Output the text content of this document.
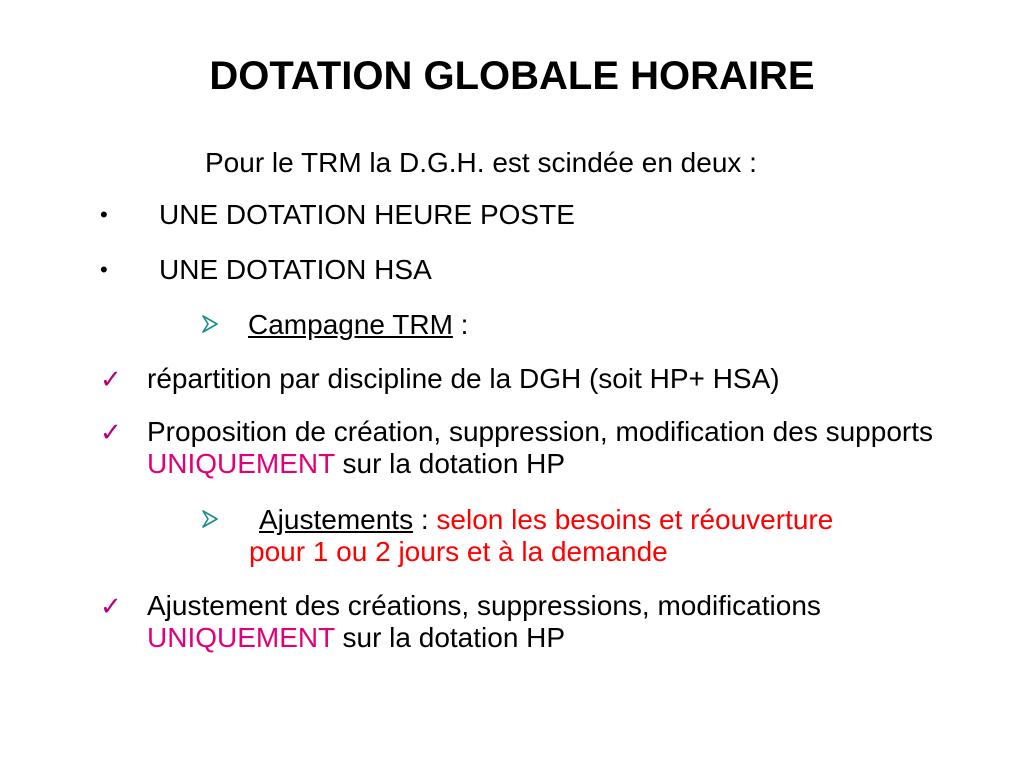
DOTATION GLOBALE HORAIRE
Pour le TRM la D.G.H. est scindée en deux :
• UNE DOTATION HEURE POSTE
• UNE DOTATION HSA
Campagne TRM :
✓ répartition par discipline de la DGH (soit HP+ HSA)
✓ Proposition de création, suppression, modification des supports UNIQUEMENT sur la dotation HP
Ajustements : selon les besoins et réouverture
pour 1 ou 2 jours et à la demande
✓ Ajustement des créations, suppressions, modifications UNIQUEMENT sur la dotation HP
